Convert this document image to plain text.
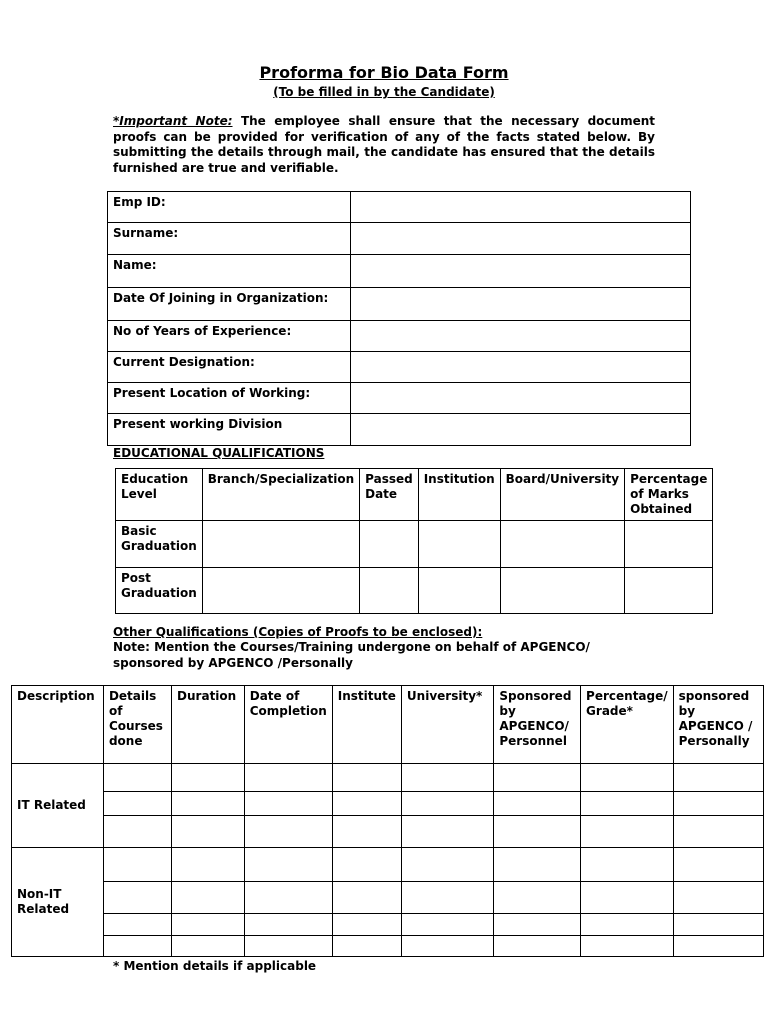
Proforma for Bio Data Form
(To be filled in by the Candidate)
*Important Note: The employee shall ensure that the necessary document proofs can be provided for verification of any of the facts stated below. By submitting the details through mail, the candidate has ensured that the details furnished are true and verifiable.
Emp ID:	
Surname:	
Name:	
Date Of Joining in Organization:	
No of Years of Experience:	
Current Designation:	
Present Location of Working:	
Present working Division	
EDUCATIONAL QUALIFICATIONS
Education Level	Branch/Specialization	Passed Date	Institution	Board/University	Percentage of Marks Obtained
Basic Graduation					
Post Graduation					
Other Qualifications (Copies of Proofs to be enclosed):
Note: Mention the Courses/Training undergone on behalf of APGENCO/ sponsored by APGENCO /Personally
Description	Details of Courses done	Duration	Date of Completion	Institute	University*	Sponsored by APGENCO/ Personnel	Percentage/ Grade*	sponsored by APGENCO / Personally
IT Related								

Non-IT Related								

* Mention details if applicable
